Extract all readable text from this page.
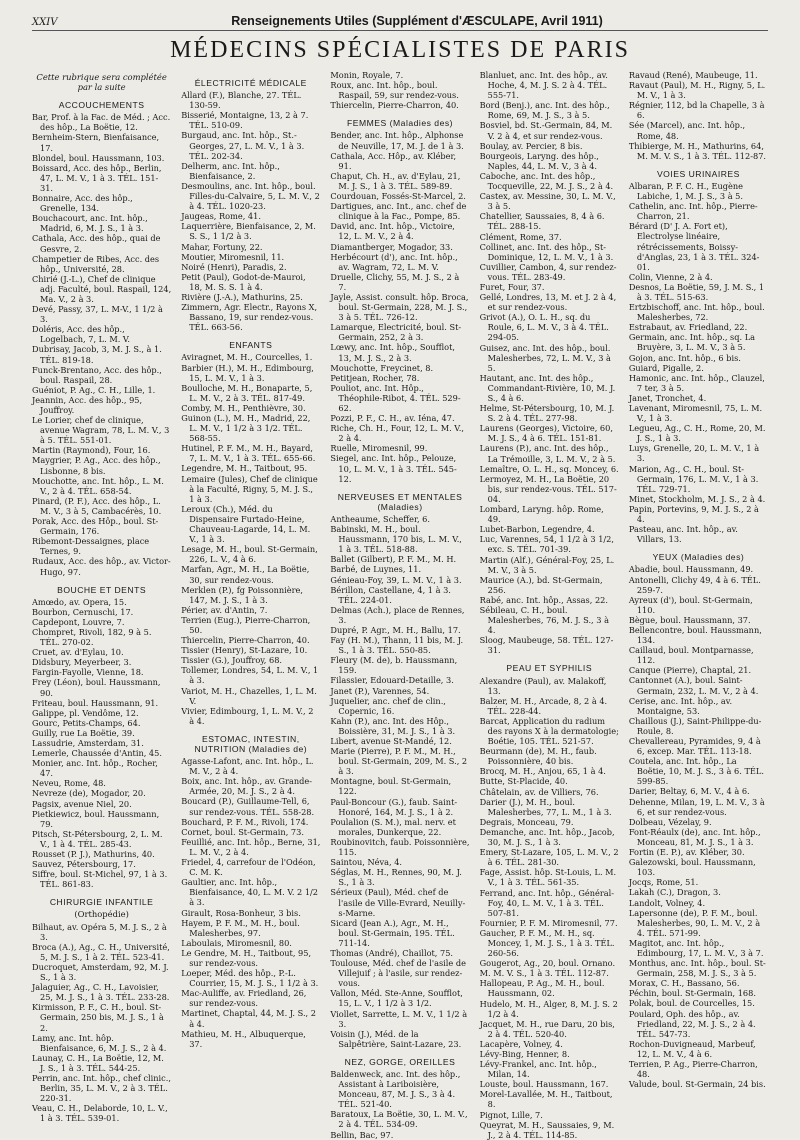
XXIV	Renseignements Utiles (Supplément d'ÆSCULAPE, Avril 1911)
MÉDECINS SPÉCIALISTES DE PARIS
Cette rubrique sera complétée par la suite
ACCOUCHEMENTS
Bar, Prof. à la Fac. de Méd. ; Acc. des hôp., La Boëtie, 12.
Bernheim-Stern, Bienfaisance, 17.
Blondel, boul. Haussmann, 103.
Boissard, Acc. des hôp., Berlin, 47, L. M. V., 1 à 3. TÉL. 151-31.
Bonnaire, Acc. des hôp., Grenelle, 134.
Bouchacourt, anc. Int. hôp., Madrid, 6, M. J. S., 1 à 3.
Cathala, Acc. des hôp., quai de Gesvre, 2.
Champetier de Ribes, Acc. des hôp., Université, 28.
Chirié (J.-L.), Chef de clinique adj. Faculté, boul. Raspail, 124, Ma. V., 2 à 3.
Devé, Passy, 37, L. M-V., 1 1/2 à 3.
Doléris, Acc. des hôp., Logelbach, 7, L. M. V.
Dubrisay, Jacob, 3, M. J. S., à 1. TÉL. 819-18.
Funck-Brentano, Acc. des hôp., boul. Raspail, 28.
Guéniot, P. Ag., C. H., Lille, 1.
Jeannin, Acc. des hôp., 95, Jouffroy.
Le Lorier, chef de clinique, avenue Wagram, 78, L. M. V., 3 à 5. TÉL. 551-01.
Martin (Raymond), Four, 16.
Maygrier, P. Ag., Acc. des hôp., Lisbonne, 8 bis.
Mouchotte, anc. Int. hôp., L. M. V., 2 à 4. TÉL. 658-54.
Pinard, (P. F.), Acc. des hôp., L. M. V., 3 à 5, Cambacérès, 10.
Porak, Acc. des Hôp., boul. St-Germain, 176.
Ribemont-Dessaignes, place Ternes, 9.
Rudaux, Acc. des hôp., av. Victor-Hugo, 97.
BOUCHE ET DENTS
Amœdo, av. Opera, 15.
Bourbon, Cernuschi, 17.
Capdepont, Louvre, 7.
Chompret, Rivoli, 182, 9 à 5. TÉL. 270-02.
Cruet, av. d'Eylau, 10.
Didsbury, Meyerbeer, 3.
Fargin-Fayolle, Vienne, 18.
Frey (Léon), boul. Haussmann, 90.
Friteau, boul. Haussmann, 91.
Galippe, pl. Vendôme, 12.
Gourc, Petits-Champs, 64.
Guilly, rue La Boëtie, 39.
Lassudrie, Amsterdam, 31.
Lemerle, Chaussée d'Antin, 45.
Monier, anc. Int. hôp., Rocher, 47.
Neveu, Rome, 48.
Nevreze (de), Mogador, 20.
Pagsix, avenue Niel, 20.
Pietkiewicz, boul. Haussmann, 79.
Pitsch, St-Pétersbourg, 2, L. M. V., 1 à 4. TÉL. 285-43.
Rousset (P. J.), Mathurins, 40.
Sauvez, Pétersbourg, 17.
Siffre, boul. St-Michel, 97, 1 à 3. TÉL. 861-83.
CHIRURGIE INFANTILE
(Orthopédie)
Bilhaut, av. Opéra 5, M. J. S., 2 à 3.
Broca (A.), Ag., C. H., Université, 5, M. J. S., 1 à 2. TÉL. 523-41.
Ducroquet, Amsterdam, 92, M. J. S., 1 à 3.
Jalaguier, Ag., C. H., Lavoisier, 25, M. J. S., 1 à 3. TÉL. 233-28.
Kirmisson, P. F., C. H., boul. St-Germain, 250 bis, M. J. S., 1 à 2.
Lamy, anc. Int. hôp. Bienfaisance, 6, M. J. S., 2 à 4.
Launay, C. H., La Boëtie, 12, M. J. S., 1 à 3. TÉL. 544-25.
Perrin, anc. Int. hôp., chef clinic., Berlin, 35, L. M. V., 2 à 3. TÉL. 220-31.
Veau, C. H., Delaborde, 10, L. V., 1 à 3. TÉL. 539-01.
ÉLECTRICITÉ MÉDICALE
Allard (F.), Blanche, 27. TÉL. 130-59.
Bisserié, Montaigne, 13, 2 à 7. TÉL. 510-09.
Burgaud, anc. Int. hôp., St.-Georges, 27, L. M. V., 1 à 3. TÉL. 202-34.
Delherm, anc. Int. hôp., Bienfaisance, 2.
Desmoulins, anc. Int. hôp., boul. Filles-du-Calvaire, 5, L. M. V., 2 à 4. TÉL. 1020-23.
Jaugeas, Rome, 41.
Laquerrière, Bienfaisance, 2, M. S. S., 1 1/2 à 3.
Mahar, Fortuny, 22.
Moutier, Miromesnil, 11.
Noiré (Henri), Paradis, 2.
Petit (Paul), Godot-de-Mauroi, 18, M. S. S. 1 à 4.
Rivière (J.-A.), Mathurins, 25.
Zimmern, Agr. Electr., Rayons X, Bassano, 19, sur rendez-vous. TÉL. 663-56.
ENFANTS
Aviragnet, M. H., Courcelles, 1.
Barbier (H.), M. H., Edimbourg, 15, L. M. V., 1 à 3.
Boulloche, M. H., Bonaparte, 5, L. M. V., 2 à 3. TÉL. 817-49.
Comby, M. H., Penthièvre, 30.
Guinon (L.), M. H., Madrid, 22, L. M. V., 1 1/2 à 3 1/2. TÉL. 568-55.
Hutinel, P. F. M., M. H., Bayard, 7, L. M. V., 1 à 3. TÉL. 655-66.
Legendre, M. H., Taitbout, 95.
Lemaire (Jules), Chef de clinique à la Faculté, Rigny, 5, M. J. S., 1 à 3.
Leroux (Ch.), Méd. du Dispensaire Furtado-Heine, Chauveau-Lagarde, 14, L. M. V., 1 à 3.
Lesage, M. H., boul. St-Germain, 226, L. V., 4 à 6.
Marfan, Agr., M. H., La Boëtie, 30, sur rendez-vous.
Merklen (P.), fg Poissonnière, 147, M. J. S., 1 à 3.
Périer, av. d'Antin, 7.
Terrien (Eug.), Pierre-Charron, 50.
Thiercelin, Pierre-Charron, 40.
Tissier (Henry), St-Lazare, 10.
Tissier (G.), Jouffroy, 68.
Tollemer, Londres, 54, L. M. V., 1 à 3.
Variot, M. H., Chazelles, 1, L. M. V.
Vivier, Edimbourg, 1, L. M. V., 2 à 4.
ESTOMAC, INTESTIN, NUTRITION (Maladies de)
Agasse-Lafont, anc. Int. hôp., L. M. V., 2 à 4.
Boix, anc. Int. hôp., av. Grande-Armée, 20, M. J. S., 2 à 4.
Boucard (P.), Guillaume-Tell, 6, sur rendez-vous. TÉL. 558-28.
Bouchard, P. F. M., Rivoli, 174.
Cornet, boul. St-Germain, 73.
Feuillié, anc. Int. hôp., Berne, 31, L. M. V., 2 à 4.
Friedel, 4, carrefour de l'Odéon, C. M. K.
Gaultier, anc. Int. hôp., Bienfaisance, 40, L. M. V. 2 1/2 à 3.
Girault, Rosa-Bonheur, 3 bis.
Hayem, P. F. M., M. H., boul. Malesherbes, 97.
Laboulais, Miromesnil, 80.
Le Gendre, M. H., Taitbout, 95, sur rendez-vous.
Loeper, Méd. des hôp., P.-L. Courrier, 15, M. J. S., 1 1/2 à 3.
Mac-Auliffe, av. Friedland, 26, sur rendez-vous.
Martinet, Chaptal, 44, M. J. S., 2 à 4.
Mathieu, M. H., Albuquerque, 37.
Monin, Royale, 7.
Roux, anc. Int. hôp., boul. Raspail, 59, sur rendez-vous.
Thiercelin, Pierre-Charron, 40.
FEMMES (Maladies des)
Bender, anc. Int. hôp., Alphonse de Neuville, 17, M. J. de 1 à 3.
Cathala, Acc. Hôp., av. Kléber, 91.
Chaput, Ch. H., av. d'Eylau, 21, M. J. S., 1 à 3. TÉL. 589-89.
Courdouan, Fossés-St-Marcel, 2.
Dartigues, anc. Int., anc. chef de clinique à la Fac., Pompe, 85.
David, anc. Int. hôp., Victoire, 12, L. M. V., 2 à 4.
Diamantberger, Mogador, 33.
Herbécourt (d'), anc. Int. hôp., av. Wagram, 72, L. M. V.
Druelle, Clichy, 55, M. J. S., 2 à 7.
Jayle, Assist. consult. hôp. Broca, boul. St-Germain, 228, M. J. S., 3 à 5. TÉL. 726-12.
Lamarque, Electricité, boul. St-Germain, 252, 2 à 3.
Lœwy, anc. Int. hôp., Soufflot, 13, M. J. S., 2 à 3.
Mouchotte, Freycinet, 8.
Petitjean, Rocher, 78.
Pouliot, anc. Int. Hôp., Théophile-Ribot, 4. TÉL. 529-62.
Pozzi, P. F., C. H., av. Iéna, 47.
Riche, Ch. H., Four, 12, L. M. V., 2 à 4.
Ruelle, Miromesnil, 99.
Siegel, anc. Int. hôp., Pelouze, 10, L. M. V., 1 à 3. TÉL. 545-12.
NERVEUSES ET MENTALES (Maladies)
Antheaume, Scheffer, 6.
Babinski, M. H., boul. Haussmann, 170 bis, L. M. V., 1 à 3. TÉL. 518-88.
Ballet (Gilbert), P. F. M., M. H.
Barbé, de Luynes, 11.
Génieau-Foy, 39, L. M. V., 1 à 3.
Bérillon, Castellane, 4, 1 à 3. TÉL. 224-01.
Delmas (Ach.), place de Rennes, 3.
Dupré, P. Agr., M. H., Ballu, 17.
Fay (H. M.), Thann, 11 bis, M. J. S., 1 à 3. TÉL. 550-85.
Fleury (M. de), b. Haussmann, 159.
Filassier, Edouard-Detaille, 3.
Janet (P.), Varennes, 54.
Juquelier, anc. chef de clin., Copernic, 16.
Kahn (P.), anc. Int. des Hôp., Boissière, 31, M. J. S., 1 à 3.
Libert, avenue St-Mandé, 12.
Marie (Pierre), P. F. M., M. H., boul. St-Germain, 209, M. S., 2 à 3.
Montagne, boul. St-Germain, 122.
Paul-Boncour (G.), faub. Saint-Honoré, 164, M. J. S., 1 à 2.
Poulalion (S. M.), mal. nerv. et morales, Dunkerque, 22.
Roubinovitch, faub. Poissonnière, 115.
Saintou, Néva, 4.
Séglas, M. H., Rennes, 90, M. J. S., 1 à 3.
Sérieux (Paul), Méd. chef de l'asile de Ville-Evrard, Neuilly-s-Marne.
Sicard (Jean A.), Agr., M. H., boul. St-Germain, 195. TÉL. 711-14.
Thomas (André), Chaillot, 75.
Toulouse, Méd. chef de l'asile de Villejuif ; à l'asile, sur rendez-vous.
Vallon, Méd. Ste-Anne, Soufflot, 15, L. V., 1 1/2 à 3 1/2.
Viollet, Sarrette, L. M. V., 1 1/2 à 3.
Voisin (J.), Méd. de la Salpêtrière, Saint-Lazare, 23.
NEZ, GORGE, OREILLES
Baldenweck, anc. Int. des hôp., Assistant à Lariboisière, Monceau, 87, M. J. S., 3 à 4. TÉL. 521-40.
Baratoux, La Boëtie, 30, L. M. V., 2 à 4. TÉL. 534-09.
Bellin, Bac, 97.
Blanluet, anc. Int. des hôp., av. Hoche, 4, M. J. S. 2 à 4. TÉL. 555-71.
Bord (Benj.), anc. Int. des hôp., Rome, 69, M. J. S., 3 à 5.
Bosviel, bd. St.-Germain, 84, M. V. 2 à 4, et sur rendez-vous.
Boulay, av. Percier, 8 bis.
Bourgeois, Laryng. des hôp., Naples, 44, L. M. V., 3 à 4.
Caboche, anc. Int. des hôp., Tocqueville, 22, M. J. S., 2 à 4.
Castex, av. Messine, 30, L. M. V., 3 à 5.
Chatellier, Saussaies, 8, 4 à 6. TÉL. 288-15.
Clément, Rome, 37.
Collinet, anc. Int. des hôp., St-Dominique, 12, L. M. V., 1 à 3.
Cuvillier, Cambon, 4, sur rendez-vous. TÉL. 283-49.
Furet, Four, 37.
Gellé, Londres, 13, M. et J. 2 à 4, et sur rendez-vous.
Grivot (A.), O. L. H., sq. du Roule, 6, L. M. V., 3 à 4. TÉL. 294-05.
Guisez, anc. Int. des hôp., boul. Malesherbes, 72, L. M. V., 3 à 5.
Hautant, anc. Int. des hôp., Commandant-Rivière, 10, M. J. S., 4 à 6.
Helme, St-Pétersbourg, 10, M. J. S. 2 à 4. TÉL. 277-98.
Laurens (Georges), Victoire, 60, M. J. S., 4 à 6. TÉL. 151-81.
Laurens (P.), anc. Int. des hôp., La Trémoille, 3, L. M. V., 2 à 5.
Lemaître, O. L. H., sq. Moncey, 6.
Lermoyez, M. H., La Boëtie, 20 bis, sur rendez-vous. TÉL. 517-04.
Lombard, Laryng. hôp. Rome, 49.
Lubet-Barbon, Legendre, 4.
Luc, Varennes, 54, 1 1/2 à 3 1/2, exc. S. TÉL. 701-39.
Martin (Alf.), Général-Foy, 25, L. M. V., 3 à 5.
Maurice (A.), bd. St-Germain, 256.
Rabé, anc. Int. hôp., Assas, 22.
Sébileau, C. H., boul. Malesherbes, 76, M. J. S., 3 à 4.
Sloog, Maubeuge, 58. TÉL. 127-31.
PEAU ET SYPHILIS
Alexandre (Paul), av. Malakoff, 13.
Balzer, M. H., Arcade, 8, 2 à 4. TÉL. 228-44.
Barcat, Application du radium des rayons X à la dermatologie; Boétie, 105. TÉL. 521-57.
Beurmann (de), M. H., faub. Poissonnière, 40 bis.
Brocq, M. H., Anjou, 65, 1 à 4.
Butte, St-Placide, 40.
Châtelain, av. de Villiers, 76.
Darier (J.), M. H., boul. Malesherbes, 77, L. M., 1 à 3.
Degrais, Monceau, 79.
Demanche, anc. Int. hôp., Jacob, 30, M. J. S., 1 à 3.
Emery, St-Lazare, 105, L. M. V., 2 à 6. TÉL. 281-30.
Fage, Assist. hôp. St-Louis, L. M. V., 1 à 3. TÉL. 561-35.
Ferrand, anc. Int. hôp., Général-Foy, 40, L. M. V., 1 à 3. TÉL. 507-81.
Fournier, P. F. M. Miromesnil, 77.
Gaucher, P. F. M., M. H., sq. Moncey, 1, M. J. S., 1 à 3. TÉL. 260-56.
Gougerot, Ag., 20, boul. Ornano.
M. M. V. S., 1 à 3. TÉL. 112-87.
Hallopeau, P. Ag., M. H., boul. Haussmann, 02.
Hudelo, M. H., Alger, 8, M. J. S. 2 1/2 à 4.
Jacquet, M. H., rue Daru, 20 bis, 2 à 4. TÉL. 520-40.
Lacapère, Volney, 4.
Lévy-Bing, Henner, 8.
Lévy-Frankel, anc. Int. hôp., Milan, 14.
Louste, boul. Haussmann, 167.
Morel-Lavallée, M. H., Taitbout, 8.
Pignot, Lille, 7.
Queyrat, M. H., Saussaies, 9, M. J., 2 à 4. TÉL. 114-85.
Ravaud (René), Maubeuge, 11.
Ravaut (Paul), M. H., Rigny, 5, L. M. V., 1 à 3.
Régnier, 112, bd la Chapelle, 3 à 6.
Sée (Marcel), anc. Int. hôp., Rome, 48.
Thibierge, M. H., Mathurins, 64, M. M. V. S., 1 à 3. TÉL. 112-87.
VOIES URINAIRES
Albaran, P. F. C. H., Eugène Labiche, 1, M. J. S., 3 à 5.
Cathelin, anc. Int. hôp., Pierre-Charron, 21.
Bérard (D' J. A. Fort et), Electrolyse linéaire, rétrécissements, Boissy-d'Anglas, 23, 1 à 3. TÉL. 324-01.
Colin, Vienne, 2 à 4.
Desnos, La Boëtie, 59, J. M. S., 1 à 3. TÉL. 515-63.
Ertzbischoff, anc. Int. hôp., boul. Malesherbes, 72.
Estrabaut, av. Friedland, 22.
Germain, anc. Int. hôp., sq. La Bruyère, 3, L. M. V., 3 à 5.
Gojon, anc. Int. hôp., 6 bis.
Guiard, Pigalle, 2.
Hamonic, anc. Int. hôp., Clauzel, 7 ter, 3 à 5.
Janet, Tronchet, 4.
Lavenant, Miromesnil, 75, L. M. V., 1 à 3.
Legueu, Ag., C. H., Rome, 20, M. J. S., 1 à 3.
Luys, Grenelle, 20, L. M. V., 1 à 3.
Marion, Ag., C. H., boul. St-Germain, 176, L. M. V., 1 à 3. TÉL. 729-71.
Minet, Stockholm, M. J. S., 2 à 4.
Papin, Portevins, 9, M. J. S., 2 à 4.
Pasteau, anc. Int. hôp., av. Villars, 13.
YEUX (Maladies des)
Abadie, boul. Haussmann, 49.
Antonelli, Clichy 49, 4 à 6. TÉL. 259-7.
Ayreux (d'), boul. St-Germain, 110.
Bègue, boul. Haussmann, 37.
Bellencontre, boul. Haussmann, 134.
Caillaud, boul. Montparnasse, 112.
Canque (Pierre), Chaptal, 21.
Cantonnet (A.), boul. Saint-Germain, 232, L. M. V., 2 à 4.
Cerise, anc. Int. hôp., av. Montaigne, 53.
Chaillous (J.), Saint-Philippe-du-Roule, 8.
Chevallereau, Pyramides, 9, 4 à 6, excep. Mar. TÉL. 113-18.
Coutela, anc. Int. hôp., La Boëtie, 10, M. J. S., 3 à 6. TÉL. 599-85.
Darier, Beltay, 6, M. V., 4 à 6.
Dehenne, Milan, 19, L. M. V., 3 à 6, et sur rendez-vous.
Dolbeau, Vézelay, 9.
Font-Réaulx (de), anc. Int. hôp., Monceau, 81, M. J. S., 1 à 3.
Fortin (E. P.), av. Kléber, 30.
Galezowski, boul. Haussmann, 103.
Jocqs, Rome, 51.
Lakah (C.), Dragon, 3.
Landolt, Volney, 4.
Lapersonne (de), P. F. M., boul. Malesherbes, 90, L. M. V., 2 à 4. TÉL. 571-99.
Magitot, anc. Int. hôp., Edimbourg, 17, L. M. V., 3 à 7.
Monthus, anc. Int. hôp., boul. St-Germain, 258, M. J. S., 3 à 5.
Morax, C. H., Bassano, 56.
Péchin, boul. St-Germain, 168.
Polak, boul. de Courcelles, 15.
Poulard, Oph. des hôp., av. Friedland, 22, M. J. S., 2 à 4. TÉL. 547-73.
Rochon-Duvigneaud, Marbeuf, 12, L. M. V., 4 à 6.
Terrien, P. Ag., Pierre-Charron, 48.
Valude, boul. St-Germain, 24 bis.
